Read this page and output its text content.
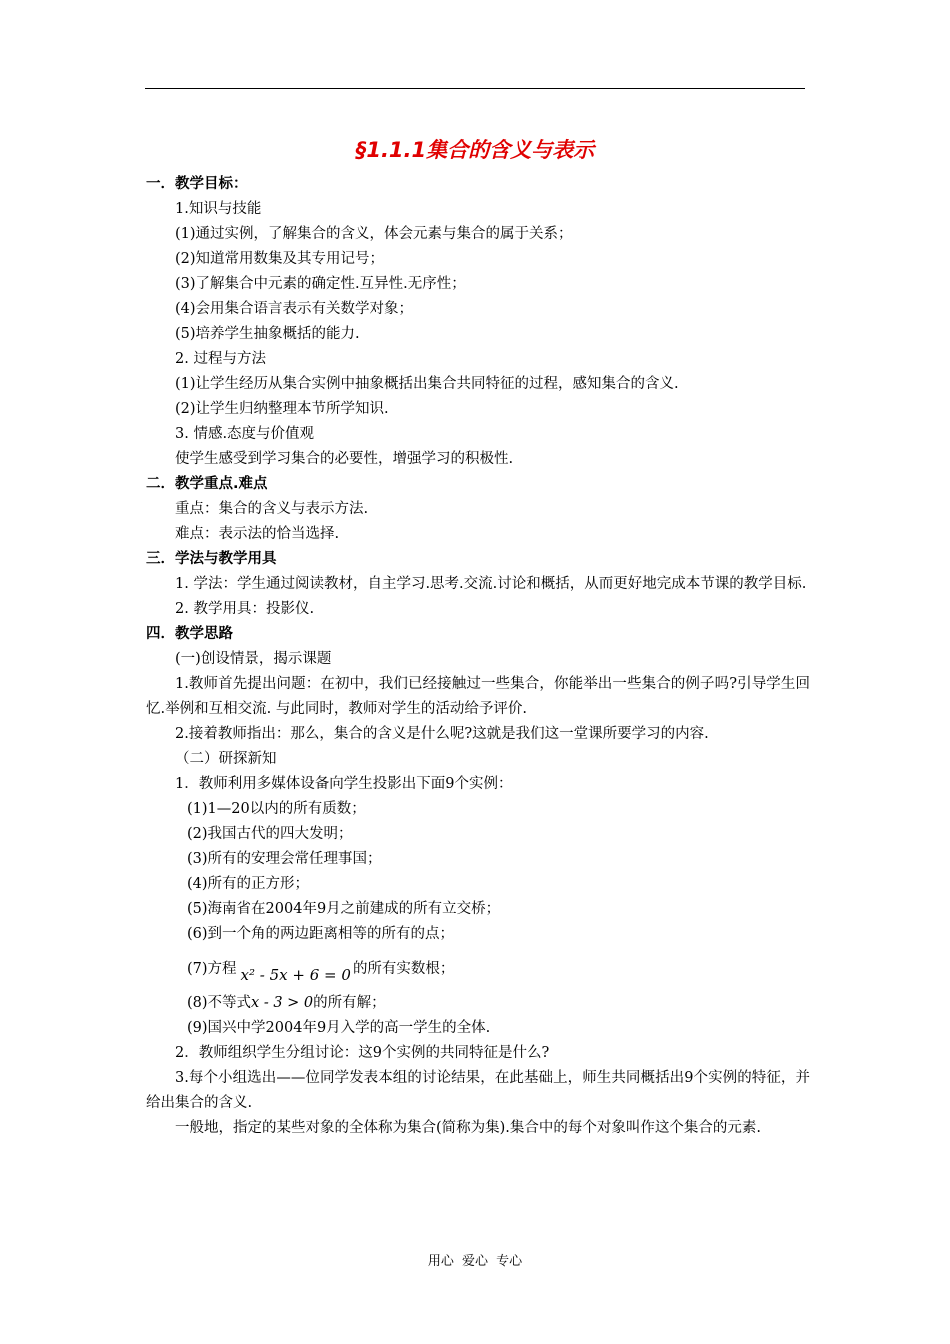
§1.1.1集合的含义与表示
一．教学目标：
1.知识与技能
(1)通过实例，了解集合的含义，体会元素与集合的属于关系；
(2)知道常用数集及其专用记号；
(3)了解集合中元素的确定性.互异性.无序性；
(4)会用集合语言表示有关数学对象；
(5)培养学生抽象概括的能力.
2. 过程与方法
(1)让学生经历从集合实例中抽象概括出集合共同特征的过程，感知集合的含义.
(2)让学生归纳整理本节所学知识.
3. 情感.态度与价值观
使学生感受到学习集合的必要性，增强学习的积极性.
二．教学重点.难点
重点：集合的含义与表示方法.
难点：表示法的恰当选择.
三．学法与教学用具
1. 学法：学生通过阅读教材，自主学习.思考.交流.讨论和概括，从而更好地完成本节课的教学目标.
2. 教学用具：投影仪.
四．教学思路
(一)创设情景，揭示课题
1.教师首先提出问题：在初中，我们已经接触过一些集合，你能举出一些集合的例子吗?引导学生回忆.举例和互相交流. 与此同时，教师对学生的活动给予评价.
2.接着教师指出：那么，集合的含义是什么呢?这就是我们这一堂课所要学习的内容.
（二）研探新知
1．教师利用多媒体设备向学生投影出下面9个实例：
(1)1—20以内的所有质数；
(2)我国古代的四大发明；
(3)所有的安理会常任理事国；
(4)所有的正方形；
(5)海南省在2004年9月之前建成的所有立交桥；
(6)到一个角的两边距离相等的所有的点；
(7)方程 x² - 5x + 6 = 0 的所有实数根；
(8)不等式x - 3 > 0的所有解；
(9)国兴中学2004年9月入学的高一学生的全体.
2．教师组织学生分组讨论：这9个实例的共同特征是什么?
3.每个小组选出——位同学发表本组的讨论结果，在此基础上，师生共同概括出9个实例的特征，并给出集合的含义.
一般地，指定的某些对象的全体称为集合(简称为集).集合中的每个对象叫作这个集合的元素.
用心 爱心 专心
